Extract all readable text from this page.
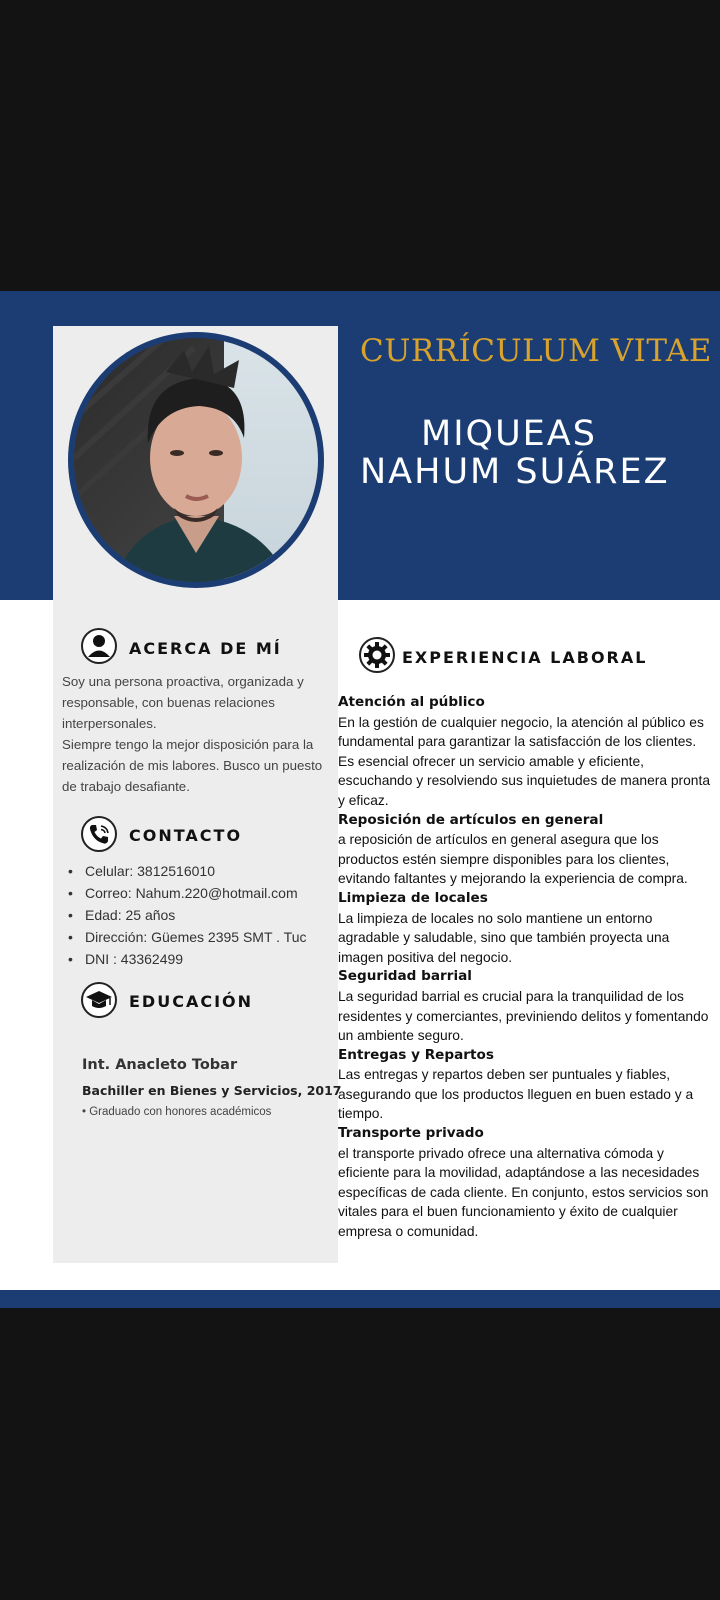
CURRÍCULUM VITAE
MIQUEAS
NAHUM SUÁREZ
ACERCA DE MÍ

Soy una persona proactiva, organizada y responsable, con buenas relaciones interpersonales.

Siempre tengo la mejor disposición para la realización de mis labores. Busco un puesto de trabajo desafiante.

CONTACTO
• Celular: 3812516010
• Correo: Nahum.220@hotmail.com
• Edad: 25 años
• Dirección: Güemes 2395 SMT . Tuc
• DNI : 43362499
EDUCACIÓN
Int. Anacleto Tobar
Bachiller en Bienes y Servicios, 2017
• Graduado con honores académicos
EXPERIENCIA LABORAL

Atención al público

En la gestión de cualquier negocio, la atención al público es fundamental para garantizar la satisfacción de los clientes. Es esencial ofrecer un servicio amable y eficiente, escuchando y resolviendo sus inquietudes de manera pronta y eficaz.

Reposición de artículos en general

a reposición de artículos en general asegura que los productos estén siempre disponibles para los clientes, evitando faltantes y mejorando la experiencia de compra.

Limpieza de locales

La limpieza de locales no solo mantiene un entorno agradable y saludable, sino que también proyecta una imagen positiva del negocio.

Seguridad barrial

La seguridad barrial es crucial para la tranquilidad de los residentes y comerciantes, previniendo delitos y fomentando un ambiente seguro.

Entregas y Repartos

Las entregas y repartos deben ser puntuales y fiables, asegurando que los productos lleguen en buen estado y a tiempo.

Transporte privado

el transporte privado ofrece una alternativa cómoda y eficiente para la movilidad, adaptándose a las necesidades específicas de cada cliente. En conjunto, estos servicios son vitales para el buen funcionamiento y éxito de cualquier empresa o comunidad.
